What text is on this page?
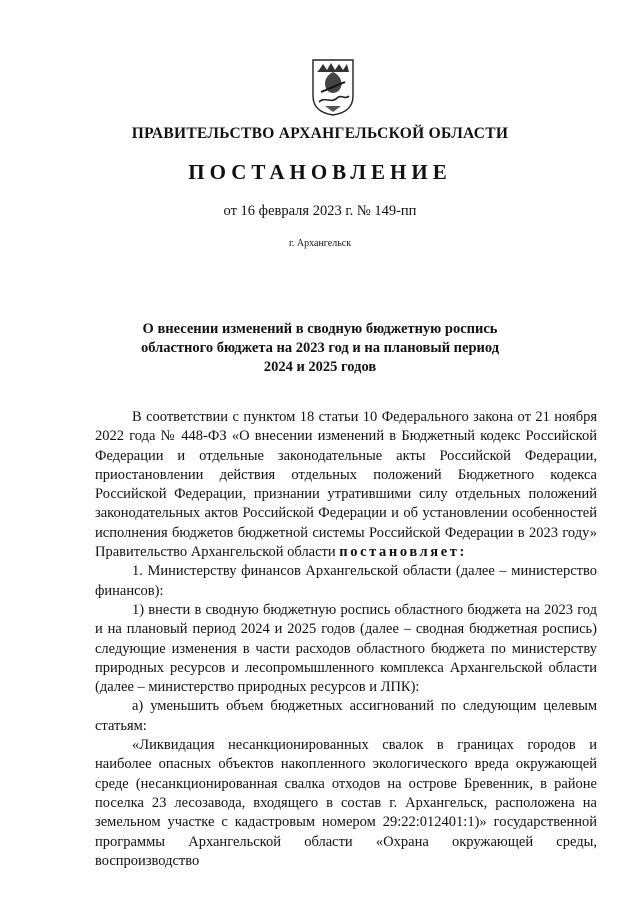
ПРАВИТЕЛЬСТВО АРХАНГЕЛЬСКОЙ ОБЛАСТИ
ПОСТАНОВЛЕНИЕ
от 16 февраля 2023 г. № 149-пп
г. Архангельск
О внесении изменений в сводную бюджетную роспись
областного бюджета на 2023 год и на плановый период
2024 и 2025 годов

В соответствии с пунктом 18 статьи 10 Федерального закона от 21 ноября 2022 года № 448-ФЗ «О внесении изменений в Бюджетный кодекс Российской Федерации и отдельные законодательные акты Российской Федерации, приостановлении действия отдельных положений Бюджетного кодекса Российской Федерации, признании утратившими силу отдельных положений законодательных актов Российской Федерации и об установлении особенностей исполнения бюджетов бюджетной системы Российской Федерации в 2023 году» Правительство Архангельской области постановляет:

1. Министерству финансов Архангельской области (далее – министерство финансов):

1) внести в сводную бюджетную роспись областного бюджета на 2023 год и на плановый период 2024 и 2025 годов (далее – сводная бюджетная роспись) следующие изменения в части расходов областного бюджета по министерству природных ресурсов и лесопромышленного комплекса Архангельской области (далее – министерство природных ресурсов и ЛПК):

а) уменьшить объем бюджетных ассигнований по следующим целевым статьям:

«Ликвидация несанкционированных свалок в границах городов и наиболее опасных объектов накопленного экологического вреда окружающей среде (несанкционированная свалка отходов на острове Бревенник, в районе поселка 23 лесозавода, входящего в состав г. Архангельск, расположена на земельном участке с кадастровым номером 29:22:012401:1)» государственной программы Архангельской области «Охрана окружающей среды, воспроизводство
